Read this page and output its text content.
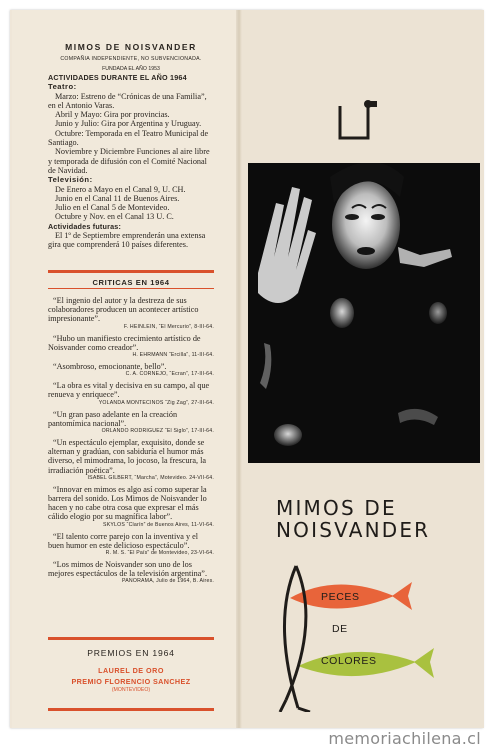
MIMOS DE NOISVANDER
COMPAÑIA INDEPENDIENTE, NO SUBVENCIONADA.
FUNDADA EL AÑO 1953
ACTIVIDADES DURANTE EL AÑO 1964
Teatro:

Marzo: Estreno de “Crónicas de una Familia”, en el Antonio Varas.

Abril y Mayo: Gira por provincias.

Junio y Julio: Gira por Argentina y Uruguay.

Octubre: Temporada en el Teatro Municipal de Santiago.

Noviembre y Diciembre Funciones al aire libre y temporada de difusión con el Comité Nacional de Navidad.

Televisión:

De Enero a Mayo en el Canal 9, U. CH.

Junio en el Canal 11 de Buenos Aires.

Julio en el Canal 5 de Montevideo.

Octubre y Nov. en el Canal 13 U. C.

Actividades futuras:

El 1º de Septiembre emprenderán una extensa gira que comprenderá 10 países diferentes.

CRITICAS EN 1964
“El ingenio del autor y la destreza de sus colaboradores producen un acontecer artístico impresionante”.
F. HEINLEIN, “El Mercurio”, 8-III-64.
“Hubo un manifiesto crecimiento artístico de Noisvander como creador”.
H. EHRMANN “Ercilla”, 11-III-64.
“Asombroso, emocionante, bello”.
C. A. CORNEJO, “Ecran”, 17-III-64.
“La obra es vital y decisiva en su campo, al que renueva y enriquece”.
YOLANDA MONTECINOS “Zig Zag”, 27-III-64.
“Un gran paso adelante en la creación pantomímica nacional”.
ORLANDO RODRIGUEZ “El Siglo”, 17-III-64.
“Un espectáculo ejemplar, exquisito, donde se alternan y gradúan, con sabiduría el humor más diverso, el mimodrama, lo jocoso, la frescura, la irradiación poética”.
ISABEL GILBERT, “Marcha”, Motevideo. 24-VII-64.
“Innovar en mimos es algo así como superar la barrera del sonido. Los Mimos de Noisvander lo hacen y no cabe otra cosa que expresar el más cálido elogio por su magnífica labor”.
SKYLOS “Clarín” de Buenos Aires, 11-VI-64.
“El talento corre parejo con la inventiva y el buen humor en este delicioso espectáculo”.
R. M. S. “El País” de Montevideo, 23-VI-64.
“Los mimos de Noisvander son uno de los mejores espectáculos de la televisión argentina”.
PANORAMA, Julio de 1964, B. Aires.
PREMIOS EN 1964
LAUREL DE ORO
PREMIO FLORENCIO SANCHEZ
(MONTEVIDEO)
MIMOS DE
NOISVANDER
PECES
DE
COLORES
memoriachilena.cl
